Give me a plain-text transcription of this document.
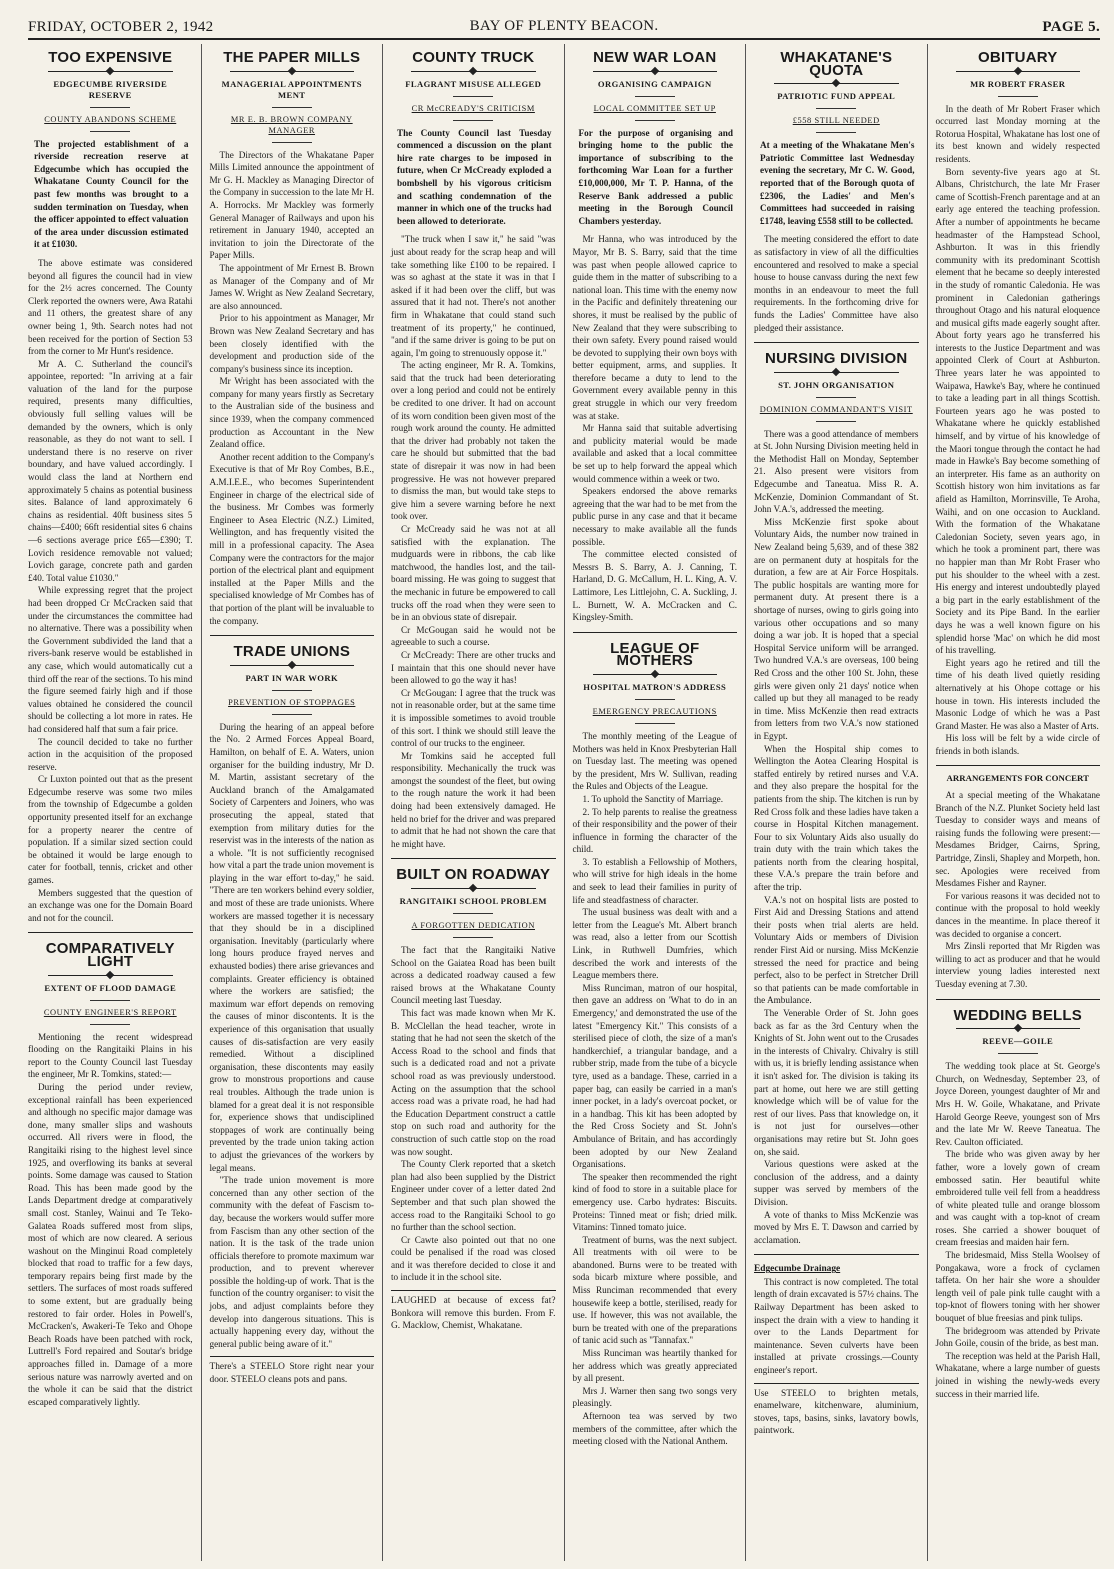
FRIDAY, OCTOBER 2, 1942	BAY OF PLENTY BEACON.	PAGE 5.
TOO EXPENSIVE
EDGECUMBE RIVERSIDE RESERVE
COUNTY ABANDONS SCHEME

The projected establishment of a riverside recreation reserve at Edgecumbe which has occupied the Whakatane County Council for the past few months was brought to a sudden termination on Tuesday, when the officer appointed to effect valuation of the area under discussion estimated it at £1030.

The above estimate was considered beyond all figures the council had in view for the 2½ acres concerned. The County Clerk reported the owners were, Awa Ratahi and 11 others, the greatest share of any owner being 1, 9th. Search notes had not been received for the portion of Section 53 from the corner to Mr Hunt's residence.

Mr A. C. Sutherland the council's appointee, reported: "In arriving at a fair valuation of the land for the purpose required, presents many difficulties, obviously full selling values will be demanded by the owners, which is only reasonable, as they do not want to sell. I understand there is no reserve on river boundary, and have valued accordingly. I would class the land at Northern end approximately 5 chains as potential business sites. Balance of land approximately 6 chains as residential. 40ft business sites 5 chains—£400; 66ft residential sites 6 chains—6 sections average price £65—£390; T. Lovich residence removable not valued; Lovich garage, concrete path and garden £40. Total value £1030."

While expressing regret that the project had been dropped Cr McCracken said that under the circumstances the committee had no alternative. There was a possibility when the Government subdivided the land that a rivers-bank reserve would be established in any case, which would automatically cut a third off the rear of the sections. To his mind the figure seemed fairly high and if those values obtained he considered the council should be collecting a lot more in rates. He had considered half that sum a fair price.

The council decided to take no further action in the acquisition of the proposed reserve.

Cr Luxton pointed out that as the present Edgecumbe reserve was some two miles from the township of Edgecumbe a golden opportunity presented itself for an exchange for a property nearer the centre of population. If a similar sized section could be obtained it would be large enough to cater for football, tennis, cricket and other games.

Members suggested that the question of an exchange was one for the Domain Board and not for the council.

COMPARATIVELY LIGHT
EXTENT OF FLOOD DAMAGE
COUNTY ENGINEER'S REPORT

Mentioning the recent widespread flooding on the Rangitaiki Plains in his report to the County Council last Tuesday the engineer, Mr R. Tomkins, stated:—

During the period under review, exceptional rainfall has been experienced and although no specific major damage was done, many smaller slips and washouts occurred. All rivers were in flood, the Rangitaiki rising to the highest level since 1925, and overflowing its banks at several points. Some damage was caused to Station Road. This has been made good by the Lands Department dredge at comparatively small cost. Stanley, Wainui and Te Teko-Galatea Roads suffered most from slips, most of which are now cleared. A serious washout on the Minginui Road completely blocked that road to traffic for a few days, temporary repairs being first made by the settlers. The surfaces of most roads suffered to some extent, but are gradually being restored to fair order. Holes in Powell's, McCracken's, Awakeri-Te Teko and Ohope Beach Roads have been patched with rock, Luttrell's Ford repaired and Soutar's bridge approaches filled in. Damage of a more serious nature was narrowly averted and on the whole it can be said that the district escaped comparatively lightly.

THE PAPER MILLS
MANAGERIAL APPOINTMENTS MENT
MR E. B. BROWN COMPANY MANAGER

The Directors of the Whakatane Paper Mills Limited announce the appointment of Mr G. H. Mackley as Managing Director of the Company in succession to the late Mr H. A. Horrocks. Mr Mackley was formerly General Manager of Railways and upon his retirement in January 1940, accepted an invitation to join the Directorate of the Paper Mills.

The appointment of Mr Ernest B. Brown as Manager of the Company and of Mr James W. Wright as New Zealand Secretary, are also announced.

Prior to his appointment as Manager, Mr Brown was New Zealand Secretary and has been closely identified with the development and production side of the company's business since its inception.

Mr Wright has been associated with the company for many years firstly as Secretary to the Australian side of the business and since 1939, when the company commenced production as Accountant in the New Zealand office.

Another recent addition to the Company's Executive is that of Mr Roy Combes, B.E., A.M.I.E.E., who becomes Superintendent Engineer in charge of the electrical side of the business. Mr Combes was formerly Engineer to Asea Electric (N.Z.) Limited, Wellington, and has frequently visited the mill in a professional capacity. The Asea Company were the contractors for the major portion of the electrical plant and equipment installed at the Paper Mills and the specialised knowledge of Mr Combes has of that portion of the plant will be invaluable to the company.

TRADE UNIONS
PART IN WAR WORK
PREVENTION OF STOPPAGES

During the hearing of an appeal before the No. 2 Armed Forces Appeal Board, Hamilton, on behalf of E. A. Waters, union organiser for the building industry, Mr D. M. Martin, assistant secretary of the Auckland branch of the Amalgamated Society of Carpenters and Joiners, who was prosecuting the appeal, stated that exemption from military duties for the reservist was in the interests of the nation as a whole. "It is not sufficiently recognised how vital a part the trade union movement is playing in the war effort to-day," he said. "There are ten workers behind every soldier, and most of these are trade unionists. Where workers are massed together it is necessary that they should be in a disciplined organisation. Inevitably (particularly where long hours produce frayed nerves and exhausted bodies) there arise grievances and complaints. Greater efficiency is obtained where the workers are satisfied; the maximum war effort depends on removing the causes of minor discontents. It is the experience of this organisation that usually causes of dis-satisfaction are very easily remedied. Without a disciplined organisation, these discontents may easily grow to monstrous proportions and cause real troubles. Although the trade union is blamed for a great deal it is not responsible for, experience shows that undisciplined stoppages of work are continually being prevented by the trade union taking action to adjust the grievances of the workers by legal means.

"The trade union movement is more concerned than any other section of the community with the defeat of Fascism to-day, because the workers would suffer more from Fascism than any other section of the nation. It is the task of the trade union officials therefore to promote maximum war production, and to prevent wherever possible the holding-up of work. That is the function of the country organiser: to visit the jobs, and adjust complaints before they develop into dangerous situations. This is actually happening every day, without the general public being aware of it."

There's a STEELO Store right near your door. STEELO cleans pots and pans.
COUNTY TRUCK
FLAGRANT MISUSE ALLEGED
CR McCREADY'S CRITICISM

The County Council last Tuesday commenced a discussion on the plant hire rate charges to be imposed in future, when Cr McCready exploded a bombshell by his vigorous criticism and scathing condemnation of the manner in which one of the trucks had been allowed to deteriorate.

"The truck when I saw it," he said "was just about ready for the scrap heap and will take something like £100 to be repaired. I was so aghast at the state it was in that I asked if it had been over the cliff, but was assured that it had not. There's not another firm in Whakatane that could stand such treatment of its property," he continued, "and if the same driver is going to be put on again, I'm going to strenuously oppose it."

The acting engineer, Mr R. A. Tomkins, said that the truck had been deteriorating over a long period and could not be entirely be credited to one driver. It had on account of its worn condition been given most of the rough work around the county. He admitted that the driver had probably not taken the care he should but submitted that the bad state of disrepair it was now in had been progressive. He was not however prepared to dismiss the man, but would take steps to give him a severe warning before he next took over.

Cr McCready said he was not at all satisfied with the explanation. The mudguards were in ribbons, the cab like matchwood, the handles lost, and the tail-board missing. He was going to suggest that the mechanic in future be empowered to call trucks off the road when they were seen to be in an obvious state of disrepair.

Cr McGougan said he would not be agreeable to such a course.

Cr McCready: There are other trucks and I maintain that this one should never have been allowed to go the way it has!

Cr McGougan: I agree that the truck was not in reasonable order, but at the same time it is impossible sometimes to avoid trouble of this sort. I think we should still leave the control of our trucks to the engineer.

Mr Tomkins said he accepted full responsibility. Mechanically the truck was amongst the soundest of the fleet, but owing to the rough nature the work it had been doing had been extensively damaged. He held no brief for the driver and was prepared to admit that he had not shown the care that he might have.

BUILT ON ROADWAY
RANGITAIKI SCHOOL PROBLEM
A FORGOTTEN DEDICATION

The fact that the Rangitaiki Native School on the Gaiatea Road has been built across a dedicated roadway caused a few raised brows at the Whakatane County Council meeting last Tuesday.

This fact was made known when Mr K. B. McClellan the head teacher, wrote in stating that he had not seen the sketch of the Access Road to the school and finds that such is a dedicated road and not a private school road as was previously understood. Acting on the assumption that the school access road was a private road, he had had the Education Department construct a cattle stop on such road and authority for the construction of such cattle stop on the road was now sought.

The County Clerk reported that a sketch plan had also been supplied by the District Engineer under cover of a letter dated 2nd September and that such plan showed the access road to the Rangitaiki School to go no further than the school section.

Cr Cawte also pointed out that no one could be penalised if the road was closed and it was therefore decided to close it and to include it in the school site.

LAUGHED at because of excess fat? Bonkora will remove this burden. From F. G. Macklow, Chemist, Whakatane.
NEW WAR LOAN
ORGANISING CAMPAIGN
LOCAL COMMITTEE SET UP

For the purpose of organising and bringing home to the public the importance of subscribing to the forthcoming War Loan for a further £10,000,000, Mr T. P. Hanna, of the Reserve Bank addressed a public meeting in the Borough Council Chambers yesterday.

Mr Hanna, who was introduced by the Mayor, Mr B. S. Barry, said that the time was past when people allowed caprice to guide them in the matter of subscribing to a national loan. This time with the enemy now in the Pacific and definitely threatening our shores, it must be realised by the public of New Zealand that they were subscribing to their own safety. Every pound raised would be devoted to supplying their own boys with better equipment, arms, and supplies. It therefore became a duty to lend to the Government every available penny in this great struggle in which our very freedom was at stake.

Mr Hanna said that suitable advertising and publicity material would be made available and asked that a local committee be set up to help forward the appeal which would commence within a week or two.

Speakers endorsed the above remarks agreeing that the war had to be met from the public purse in any case and that it became necessary to make available all the funds possible.

The committee elected consisted of Messrs B. S. Barry, A. J. Canning, T. Harland, D. G. McCallum, H. L. King, A. V. Lattimore, Les Littlejohn, C. A. Suckling, J. L. Burnett, W. A. McCracken and C. Kingsley-Smith.

LEAGUE OF MOTHERS
HOSPITAL MATRON'S ADDRESS
EMERGENCY PRECAUTIONS

The monthly meeting of the League of Mothers was held in Knox Presbyterian Hall on Tuesday last. The meeting was opened by the president, Mrs W. Sullivan, reading the Rules and Objects of the League.

1. To uphold the Sanctity of Marriage.

2. To help parents to realise the greatness of their responsibility and the power of their influence in forming the character of the child.

3. To establish a Fellowship of Mothers, who will strive for high ideals in the home and seek to lead their families in purity of life and steadfastness of character.

The usual business was dealt with and a letter from the League's Mt. Albert branch was read, also a letter from our Scottish Link, in Ruthwell Dumfries, which described the work and interests of the League members there.

Miss Runciman, matron of our hospital, then gave an address on 'What to do in an Emergency,' and demonstrated the use of the latest "Emergency Kit." This consists of a sterilised piece of cloth, the size of a man's handkerchief, a triangular bandage, and a rubber strip, made from the tube of a bicycle tyre, used as a bandage. These, carried in a paper bag, can easily be carried in a man's inner pocket, in a lady's overcoat pocket, or in a handbag. This kit has been adopted by the Red Cross Society and St. John's Ambulance of Britain, and has accordingly been adopted by our New Zealand Organisations.

The speaker then recommended the right kind of food to store in a suitable place for emergency use. Carbo hydrates: Biscuits. Proteins: Tinned meat or fish; dried milk. Vitamins: Tinned tomato juice.

Treatment of burns, was the next subject. All treatments with oil were to be abandoned. Burns were to be treated with soda bicarb mixture where possible, and Miss Runciman recommended that every housewife keep a bottle, sterilised, ready for use. If however, this was not available, the burn be treated with one of the preparations of tanic acid such as "Tannafax."

Miss Runciman was heartily thanked for her address which was greatly appreciated by all present.

Mrs J. Warner then sang two songs very pleasingly.

Afternoon tea was served by two members of the committee, after which the meeting closed with the National Anthem.

WHAKATANE'S QUOTA
PATRIOTIC FUND APPEAL
£558 STILL NEEDED

At a meeting of the Whakatane Men's Patriotic Committee last Wednesday evening the secretary, Mr C. W. Good, reported that of the Borough quota of £2306, the Ladies' and Men's Committees had succeeded in raising £1748, leaving £558 still to be collected.

The meeting considered the effort to date as satisfactory in view of all the difficulties encountered and resolved to make a special house to house canvass during the next few months in an endeavour to meet the full requirements. In the forthcoming drive for funds the Ladies' Committee have also pledged their assistance.

NURSING DIVISION
ST. JOHN ORGANISATION
DOMINION COMMANDANT'S VISIT

There was a good attendance of members at St. John Nursing Division meeting held in the Methodist Hall on Monday, September 21. Also present were visitors from Edgecumbe and Taneatua. Miss R. A. McKenzie, Dominion Commandant of St. John V.A.'s, addressed the meeting.

Miss McKenzie first spoke about Voluntary Aids, the number now trained in New Zealand being 5,639, and of these 382 are on permanent duty at hospitals for the duration, a few are at Air Force Hospitals. The public hospitals are wanting more for permanent duty. At present there is a shortage of nurses, owing to girls going into various other occupations and so many doing a war job. It is hoped that a special Hospital Service uniform will be arranged. Two hundred V.A.'s are overseas, 100 being Red Cross and the other 100 St. John, these girls were given only 21 days' notice when called up but they all managed to be ready in time. Miss McKenzie then read extracts from letters from two V.A.'s now stationed in Egypt.

When the Hospital ship comes to Wellington the Aotea Clearing Hospital is staffed entirely by retired nurses and V.A. and they also prepare the hospital for the patients from the ship. The kitchen is run by Red Cross folk and these ladies have taken a course in Hospital Kitchen management. Four to six Voluntary Aids also usually do train duty with the train which takes the patients north from the clearing hospital, these V.A.'s prepare the train before and after the trip.

V.A.'s not on hospital lists are posted to First Aid and Dressing Stations and attend their posts when trial alerts are held. Voluntary Aids or members of Division render First Aid or nursing. Miss McKenzie stressed the need for practice and being perfect, also to be perfect in Stretcher Drill so that patients can be made comfortable in the Ambulance.

The Venerable Order of St. John goes back as far as the 3rd Century when the Knights of St. John went out to the Crusades in the interests of Chivalry. Chivalry is still with us, it is briefly lending assistance when it isn't asked for. The division is taking its part at home, out here we are still getting knowledge which will be of value for the rest of our lives. Pass that knowledge on, it is not just for ourselves—other organisations may retire but St. John goes on, she said.

Various questions were asked at the conclusion of the address, and a dainty supper was served by members of the Division.

A vote of thanks to Miss McKenzie was moved by Mrs E. T. Dawson and carried by acclamation.

Edgecumbe Drainage

This contract is now completed. The total length of drain excavated is 57½ chains. The Railway Department has been asked to inspect the drain with a view to handing it over to the Lands Department for maintenance. Seven culverts have been installed at private crossings.—County engineer's report.

Use STEELO to brighten metals, enamelware, kitchenware, aluminium, stoves, taps, basins, sinks, lavatory bowls, paintwork.
OBITUARY
MR ROBERT FRASER

In the death of Mr Robert Fraser which occurred last Monday morning at the Rotorua Hospital, Whakatane has lost one of its best known and widely respected residents.

Born seventy-five years ago at St. Albans, Christchurch, the late Mr Fraser came of Scottish-French parentage and at an early age entered the teaching profession. After a number of appointments he became headmaster of the Hampstead School, Ashburton. It was in this friendly community with its predominant Scottish element that he became so deeply interested in the study of romantic Caledonia. He was prominent in Caledonian gatherings throughout Otago and his natural eloquence and musical gifts made eagerly sought after. About forty years ago he transferred his interests to the Justice Department and was appointed Clerk of Court at Ashburton. Three years later he was appointed to Waipawa, Hawke's Bay, where he continued to take a leading part in all things Scottish. Fourteen years ago he was posted to Whakatane where he quickly established himself, and by virtue of his knowledge of the Maori tongue through the contact he had made in Hawke's Bay become something of an interpreter. His fame as an authority on Scottish history won him invitations as far afield as Hamilton, Morrinsville, Te Aroha, Waihi, and on one occasion to Auckland. With the formation of the Whakatane Caledonian Society, seven years ago, in which he took a prominent part, there was no happier man than Mr Robt Fraser who put his shoulder to the wheel with a zest. His energy and interest undoubtedly played a big part in the early establishment of the Society and its Pipe Band. In the earlier days he was a well known figure on his splendid horse 'Mac' on which he did most of his travelling.

Eight years ago he retired and till the time of his death lived quietly residing alternatively at his Ohope cottage or his house in town. His interests included the Masonic Lodge of which he was a Past Grand Master. He was also a Master of Arts.

His loss will be felt by a wide circle of friends in both islands.

ARRANGEMENTS FOR CONCERT

At a special meeting of the Whakatane Branch of the N.Z. Plunket Society held last Tuesday to consider ways and means of raising funds the following were present:—Mesdames Bridger, Cairns, Spring, Partridge, Zinsli, Shapley and Morpeth, hon. sec. Apologies were received from Mesdames Fisher and Rayner.

For various reasons it was decided not to continue with the proposal to hold weekly dances in the meantime. In place thereof it was decided to organise a concert.

Mrs Zinsli reported that Mr Rigden was willing to act as producer and that he would interview young ladies interested next Tuesday evening at 7.30.

WEDDING BELLS
REEVE—GOILE

The wedding took place at St. George's Church, on Wednesday, September 23, of Joyce Doreen, youngest daughter of Mr and Mrs H. W. Goile, Whakatane, and Private Harold George Reeve, youngest son of Mrs and the late Mr W. Reeve Taneatua. The Rev. Caulton officiated.

The bride who was given away by her father, wore a lovely gown of cream embossed satin. Her beautiful white embroidered tulle veil fell from a headdress of white pleated tulle and orange blossom and was caught with a top-knot of cream roses. She carried a shower bouquet of cream freesias and maiden hair fern.

The bridesmaid, Miss Stella Woolsey of Pongakawa, wore a frock of cyclamen taffeta. On her hair she wore a shoulder length veil of pale pink tulle caught with a top-knot of flowers toning with her shower bouquet of blue freesias and pink tulips.

The bridegroom was attended by Private John Goile, cousin of the bride, as best man.

The reception was held at the Parish Hall, Whakatane, where a large number of guests joined in wishing the newly-weds every success in their married life.
